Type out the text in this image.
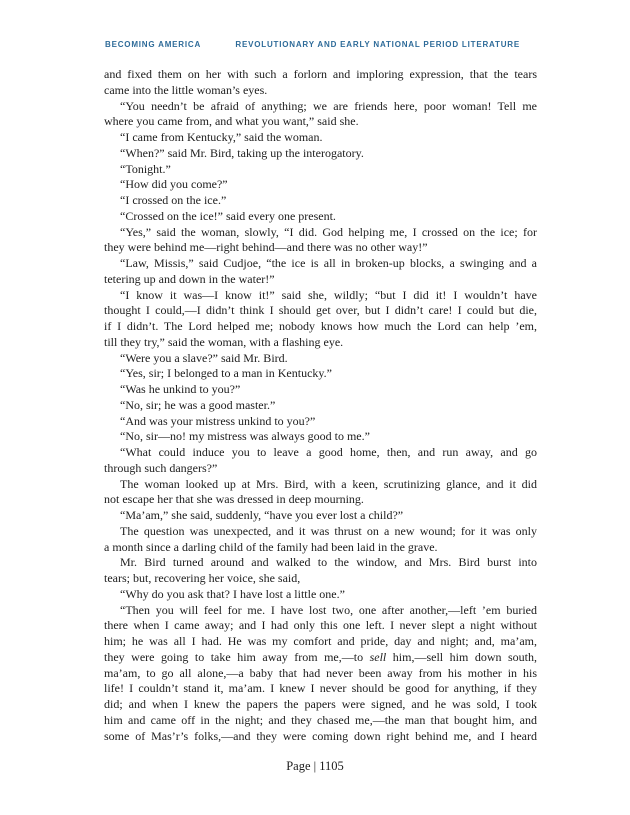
BECOMING AMERICA	REVOLUTIONARY AND EARLY NATIONAL PERIOD LITERATURE
and fixed them on her with such a forlorn and imploring expression, that the tears
came into the little woman’s eyes.
“You needn’t be afraid of anything; we are friends here, poor woman! Tell me
where you came from, and what you want,” said she.
“I came from Kentucky,” said the woman.
“When?” said Mr. Bird, taking up the interogatory.
“Tonight.”
“How did you come?”
“I crossed on the ice.”
“Crossed on the ice!” said every one present.
“Yes,” said the woman, slowly, “I did. God helping me, I crossed on the ice; for
they were behind me—right behind—and there was no other way!”
“Law, Missis,” said Cudjoe, “the ice is all in broken-up blocks, a swinging and a
tetering up and down in the water!”
“I know it was—I know it!” said she, wildly; “but I did it! I wouldn’t have
thought I could,—I didn’t think I should get over, but I didn’t care! I could but die,
if I didn’t. The Lord helped me; nobody knows how much the Lord can help ’em,
till they try,” said the woman, with a flashing eye.
“Were you a slave?” said Mr. Bird.
“Yes, sir; I belonged to a man in Kentucky.”
“Was he unkind to you?”
“No, sir; he was a good master.”
“And was your mistress unkind to you?”
“No, sir—no! my mistress was always good to me.”
“What could induce you to leave a good home, then, and run away, and go
through such dangers?”
The woman looked up at Mrs. Bird, with a keen, scrutinizing glance, and it did
not escape her that she was dressed in deep mourning.
“Ma’am,” she said, suddenly, “have you ever lost a child?”
The question was unexpected, and it was thrust on a new wound; for it was only
a month since a darling child of the family had been laid in the grave.
Mr. Bird turned around and walked to the window, and Mrs. Bird burst into
tears; but, recovering her voice, she said,
“Why do you ask that? I have lost a little one.”
“Then you will feel for me. I have lost two, one after another,—left ’em buried
there when I came away; and I had only this one left. I never slept a night without
him; he was all I had. He was my comfort and pride, day and night; and, ma’am,
they were going to take him away from me,—to sell him,—sell him down south,
ma’am, to go all alone,—a baby that had never been away from his mother in his
life! I couldn’t stand it, ma’am. I knew I never should be good for anything, if they
did; and when I knew the papers the papers were signed, and he was sold, I took
him and came off in the night; and they chased me,—the man that bought him, and
some of Mas’r’s folks,—and they were coming down right behind me, and I heard
Page | 1105
